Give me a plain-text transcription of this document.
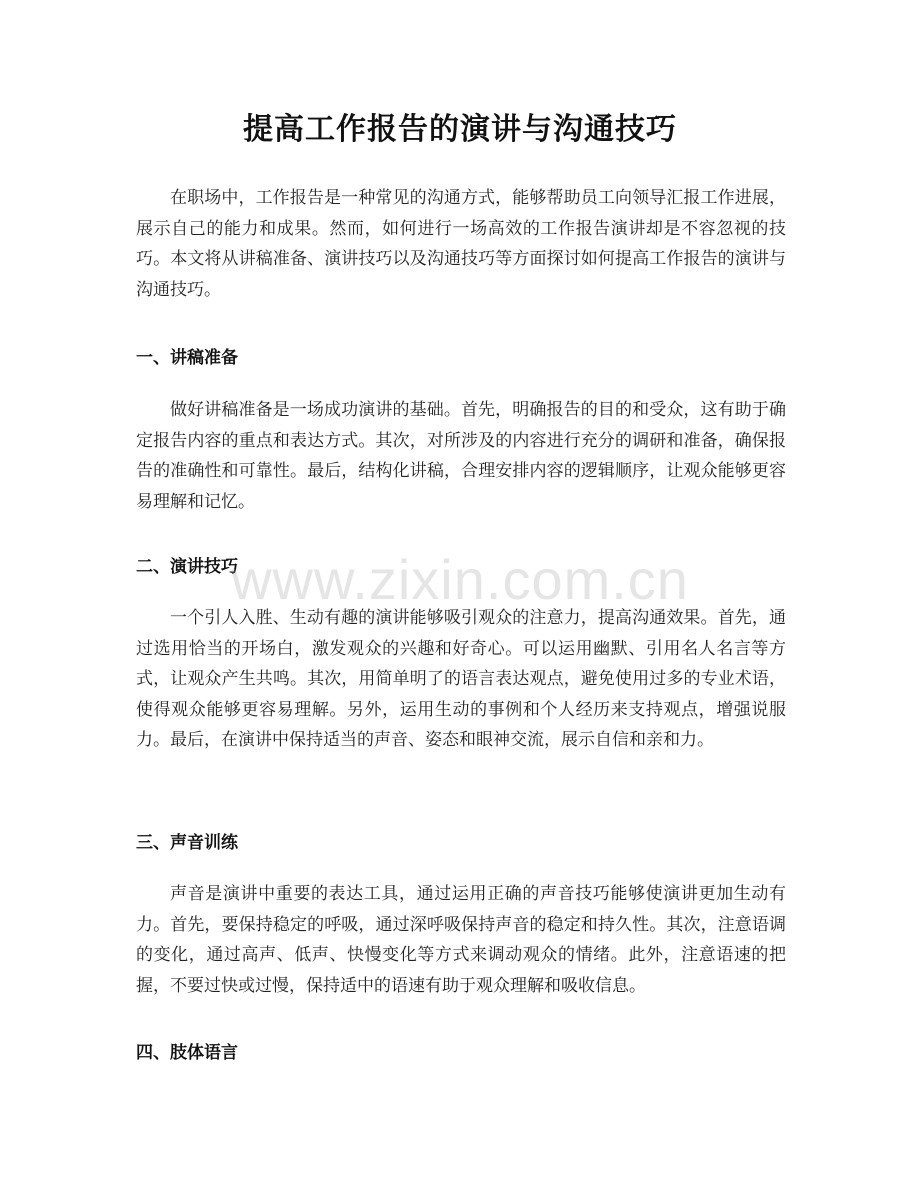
提高工作报告的演讲与沟通技巧

在职场中，工作报告是一种常见的沟通方式，能够帮助员工向领导汇报工作进展，展示自己的能力和成果。然而，如何进行一场高效的工作报告演讲却是不容忽视的技巧。本文将从讲稿准备、演讲技巧以及沟通技巧等方面探讨如何提高工作报告的演讲与沟通技巧。

一、讲稿准备

做好讲稿准备是一场成功演讲的基础。首先，明确报告的目的和受众，这有助于确定报告内容的重点和表达方式。其次，对所涉及的内容进行充分的调研和准备，确保报告的准确性和可靠性。最后，结构化讲稿，合理安排内容的逻辑顺序，让观众能够更容易理解和记忆。

二、演讲技巧

一个引人入胜、生动有趣的演讲能够吸引观众的注意力，提高沟通效果。首先，通过选用恰当的开场白，激发观众的兴趣和好奇心。可以运用幽默、引用名人名言等方式，让观众产生共鸣。其次，用简单明了的语言表达观点，避免使用过多的专业术语，使得观众能够更容易理解。另外，运用生动的事例和个人经历来支持观点，增强说服力。最后，在演讲中保持适当的声音、姿态和眼神交流，展示自信和亲和力。

三、声音训练

声音是演讲中重要的表达工具，通过运用正确的声音技巧能够使演讲更加生动有力。首先，要保持稳定的呼吸，通过深呼吸保持声音的稳定和持久性。其次，注意语调的变化，通过高声、低声、快慢变化等方式来调动观众的情绪。此外，注意语速的把握，不要过快或过慢，保持适中的语速有助于观众理解和吸收信息。

四、肢体语言
www.zixin.com.cn
